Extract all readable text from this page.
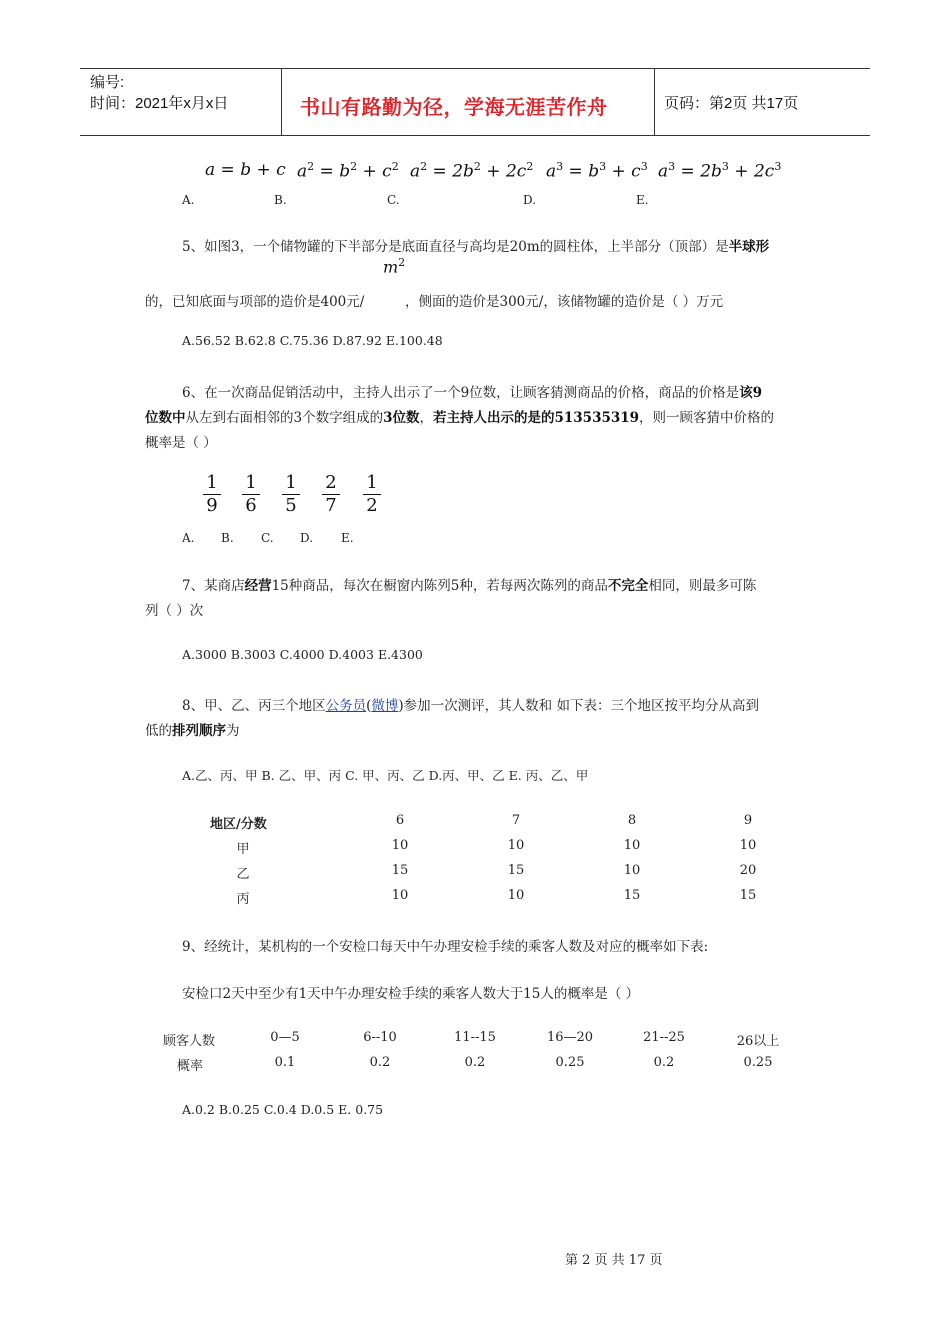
编号:
时间：2021年x月x日	书山有路勤为径，学海无涯苦作舟	页码：第2页 共17页
a = b + c $a^2 = b^2 + c^2$ $a^2 = 2b^2 + 2c^2$ $a^3 = b^3 + c^3$ $a^3 = 2b^3 + 2c^3$
A.	B.	C.	D.	E.
5、如图3，一个储物罐的下半部分是底面直径与高均是20m的圆柱体，上半部分（顶部）是半球形
$m^2$
的，已知底面与项部的造价是400元/	，侧面的造价是300元/，该储物罐的造价是（ ）万元
A.56.52 B.62.8 C.75.36 D.87.92 E.100.48
6、在一次商品促销活动中，主持人出示了一个9位数，让顾客猜测商品的价格，商品的价格是该9
位数中从左到右面相邻的3个数字组成的3位数，若主持人出示的是的513535319，则一顾客猜中价格的
概率是（ ）
1
9
1
6
1
5
2
7
1
2
A. B. C. D. E.
7、某商店经营15种商品，每次在橱窗内陈列5种，若每两次陈列的商品不完全相同，则最多可陈
列（ ）次
A.3000 B.3003 C.4000 D.4003 E.4300
8、甲、乙、丙三个地区公务员(微博)参加一次测评，其人数和 如下表：三个地区按平均分从高到
低的排列顺序为
A.乙、丙、甲 B. 乙、甲、丙 C. 甲、丙、乙 D.丙、甲、乙 E. 丙、乙、甲
地区/分数	6	7	8	9
甲	10	10	10	10
乙	15	15	10	20
丙	10	10	15	15
9、经统计，某机构的一个安检口每天中午办理安检手续的乘客人数及对应的概率如下表:
安检口2天中至少有1天中午办理安检手续的乘客人数大于15人的概率是（ ）
顾客人数	0—5	6--10	11--15	16—20	21--25	26以上
概率	0.1	0.2	0.2	0.25	0.2	0.25
A.0.2 B.0.25 C.0.4 D.0.5 E. 0.75
第 2 页 共 17 页
